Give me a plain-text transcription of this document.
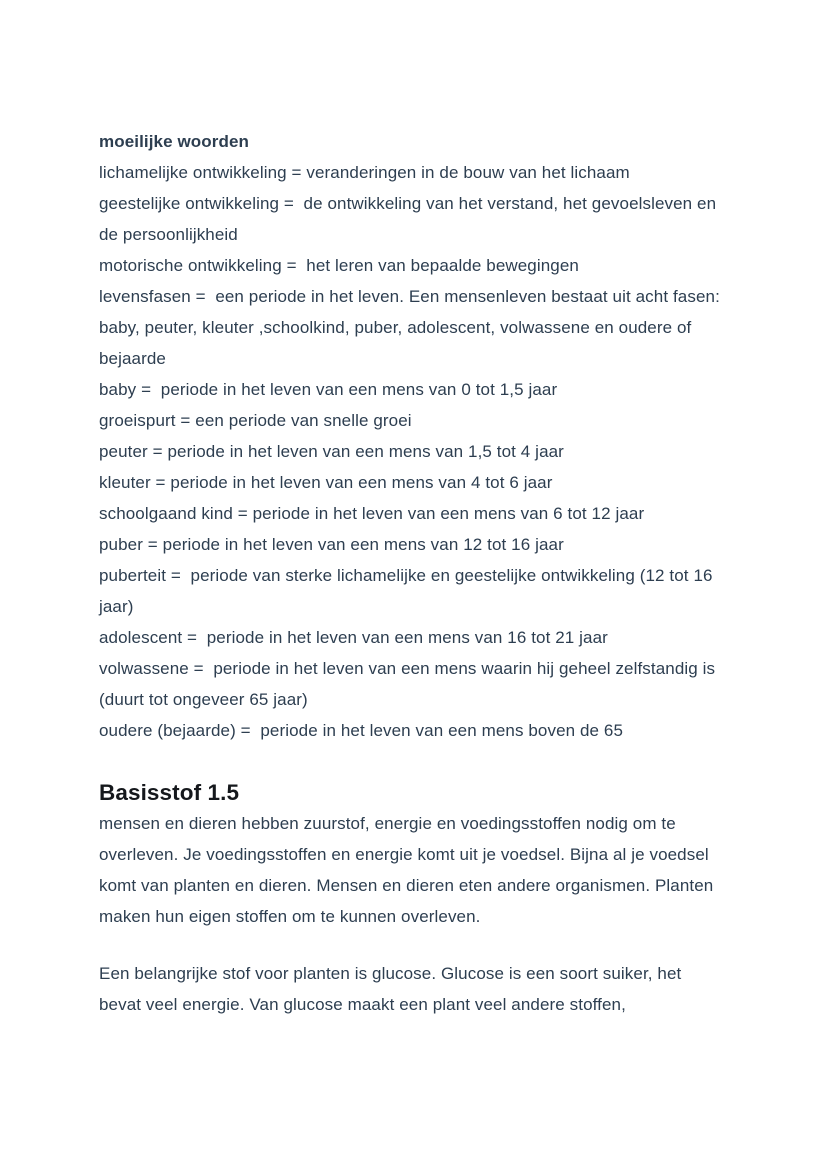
moeilijke woorden
lichamelijke ontwikkeling = veranderingen in de bouw van het lichaam
geestelijke ontwikkeling =  de ontwikkeling van het verstand, het gevoelsleven en de persoonlijkheid
motorische ontwikkeling =  het leren van bepaalde bewegingen
levensfasen =  een periode in het leven. Een mensenleven bestaat uit acht fasen: baby, peuter, kleuter ,schoolkind, puber, adolescent, volwassene en oudere of bejaarde
baby =  periode in het leven van een mens van 0 tot 1,5 jaar
groeispurt = een periode van snelle groei
peuter = periode in het leven van een mens van 1,5 tot 4 jaar
kleuter = periode in het leven van een mens van 4 tot 6 jaar
schoolgaand kind = periode in het leven van een mens van 6 tot 12 jaar
puber = periode in het leven van een mens van 12 tot 16 jaar
puberteit =  periode van sterke lichamelijke en geestelijke ontwikkeling (12 tot 16 jaar)
adolescent =  periode in het leven van een mens van 16 tot 21 jaar
volwassene =  periode in het leven van een mens waarin hij geheel zelfstandig is (duurt tot ongeveer 65 jaar)
oudere (bejaarde) =  periode in het leven van een mens boven de 65
Basisstof 1.5

mensen en dieren hebben zuurstof, energie en voedingsstoffen nodig om te overleven. Je voedingsstoffen en energie komt uit je voedsel. Bijna al je voedsel komt van planten en dieren. Mensen en dieren eten andere organismen. Planten maken hun eigen stoffen om te kunnen overleven.

Een belangrijke stof voor planten is glucose. Glucose is een soort suiker, het bevat veel energie. Van glucose maakt een plant veel andere stoffen,
